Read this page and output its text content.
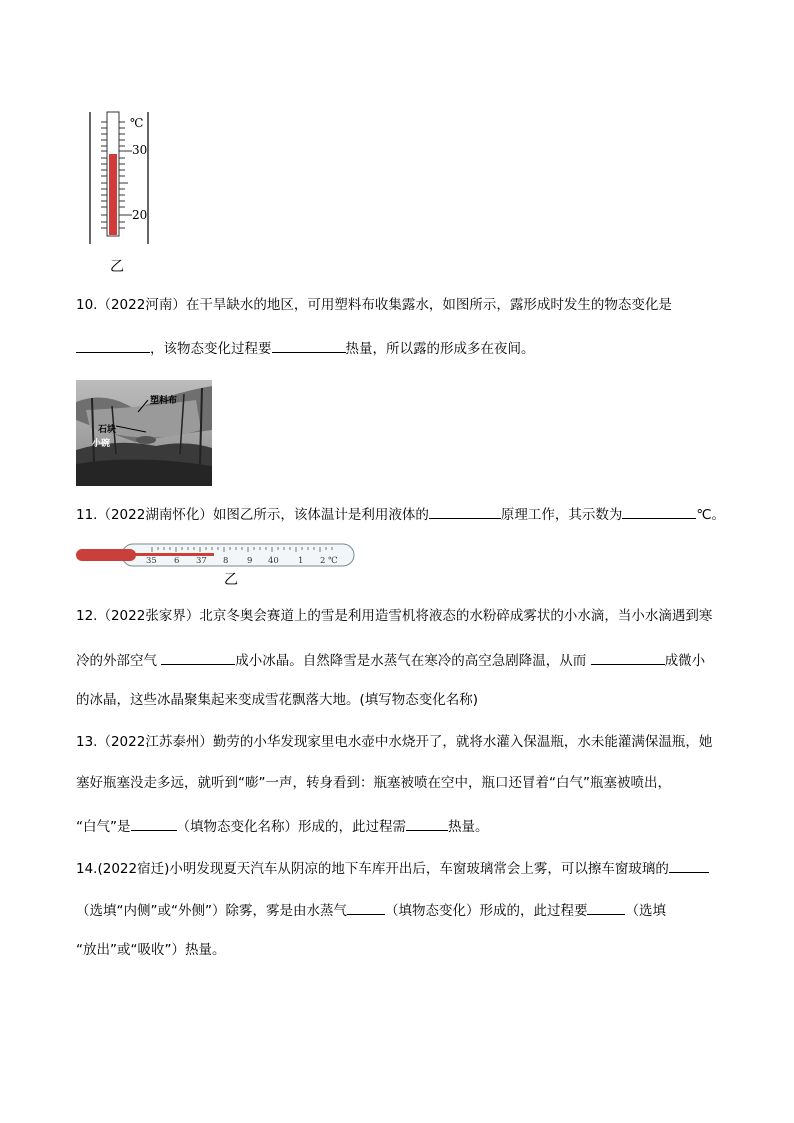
℃
30
20
乙
10.（2022河南）在干旱缺水的地区，可用塑料布收集露水，如图所示，露形成时发生的物态变化是
，该物态变化过程要	热量，所以露的形成多在夜间。
塑料布
石块
小碗
11.（2022湖南怀化）如图乙所示，该体温计是利用液体的	原理工作，其示数为	℃。
35 6 37 8 9 40 1 2 ℃
乙
12.（2022张家界）北京冬奥会赛道上的雪是利用造雪机将液态的水粉碎成雾状的小水滴，当小水滴遇到寒
冷的外部空气	成小冰晶。自然降雪是水蒸气在寒冷的高空急剧降温，从而	成微小
的冰晶，这些冰晶聚集起来变成雪花飘落大地。(填写物态变化名称)
13.（2022江苏泰州）勤劳的小华发现家里电水壶中水烧开了，就将水灌入保温瓶，水未能灌满保温瓶，她
塞好瓶塞没走多远，就听到“嘭”一声，转身看到：瓶塞被喷在空中，瓶口还冒着“白气”瓶塞被喷出，
“白气”是	（填物态变化名称）形成的，此过程需	热量。
14.(2022宿迁)小明发现夏天汽车从阴凉的地下车库开出后，车窗玻璃常会上雾，可以擦车窗玻璃的
（选填“内侧”或“外侧”）除雾，雾是由水蒸气	（填物态变化）形成的，此过程要	（选填
“放出”或“吸收”）热量。
